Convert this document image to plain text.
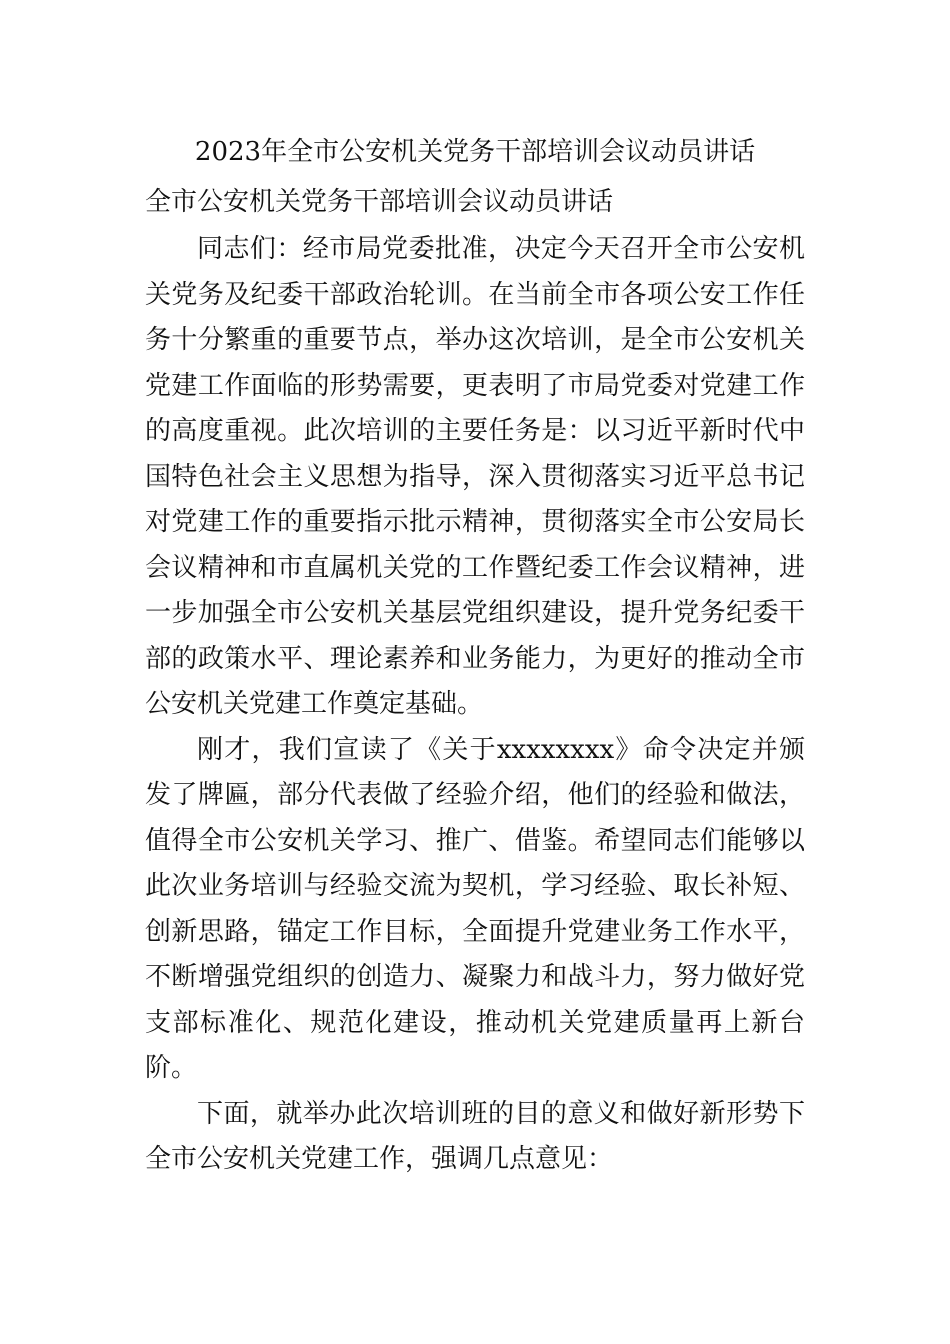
2023年全市公安机关党务干部培训会议动员讲话

全市公安机关党务干部培训会议动员讲话

同志们：经市局党委批准，决定今天召开全市公安机关党务及纪委干部政治轮训。在当前全市各项公安工作任务十分繁重的重要节点，举办这次培训，是全市公安机关党建工作面临的形势需要，更表明了市局党委对党建工作的高度重视。此次培训的主要任务是：以习近平新时代中国特色社会主义思想为指导，深入贯彻落实习近平总书记对党建工作的重要指示批示精神，贯彻落实全市公安局长会议精神和市直属机关党的工作暨纪委工作会议精神，进一步加强全市公安机关基层党组织建设，提升党务纪委干部的政策水平、理论素养和业务能力，为更好的推动全市公安机关党建工作奠定基础。

刚才，我们宣读了《关于xxxxxxxx》命令决定并颁发了牌匾，部分代表做了经验介绍，他们的经验和做法，值得全市公安机关学习、推广、借鉴。希望同志们能够以此次业务培训与经验交流为契机，学习经验、取长补短、创新思路，锚定工作目标，全面提升党建业务工作水平，不断增强党组织的创造力、凝聚力和战斗力，努力做好党支部标准化、规范化建设，推动机关党建质量再上新台阶。

下面，就举办此次培训班的目的意义和做好新形势下全市公安机关党建工作，强调几点意见：
